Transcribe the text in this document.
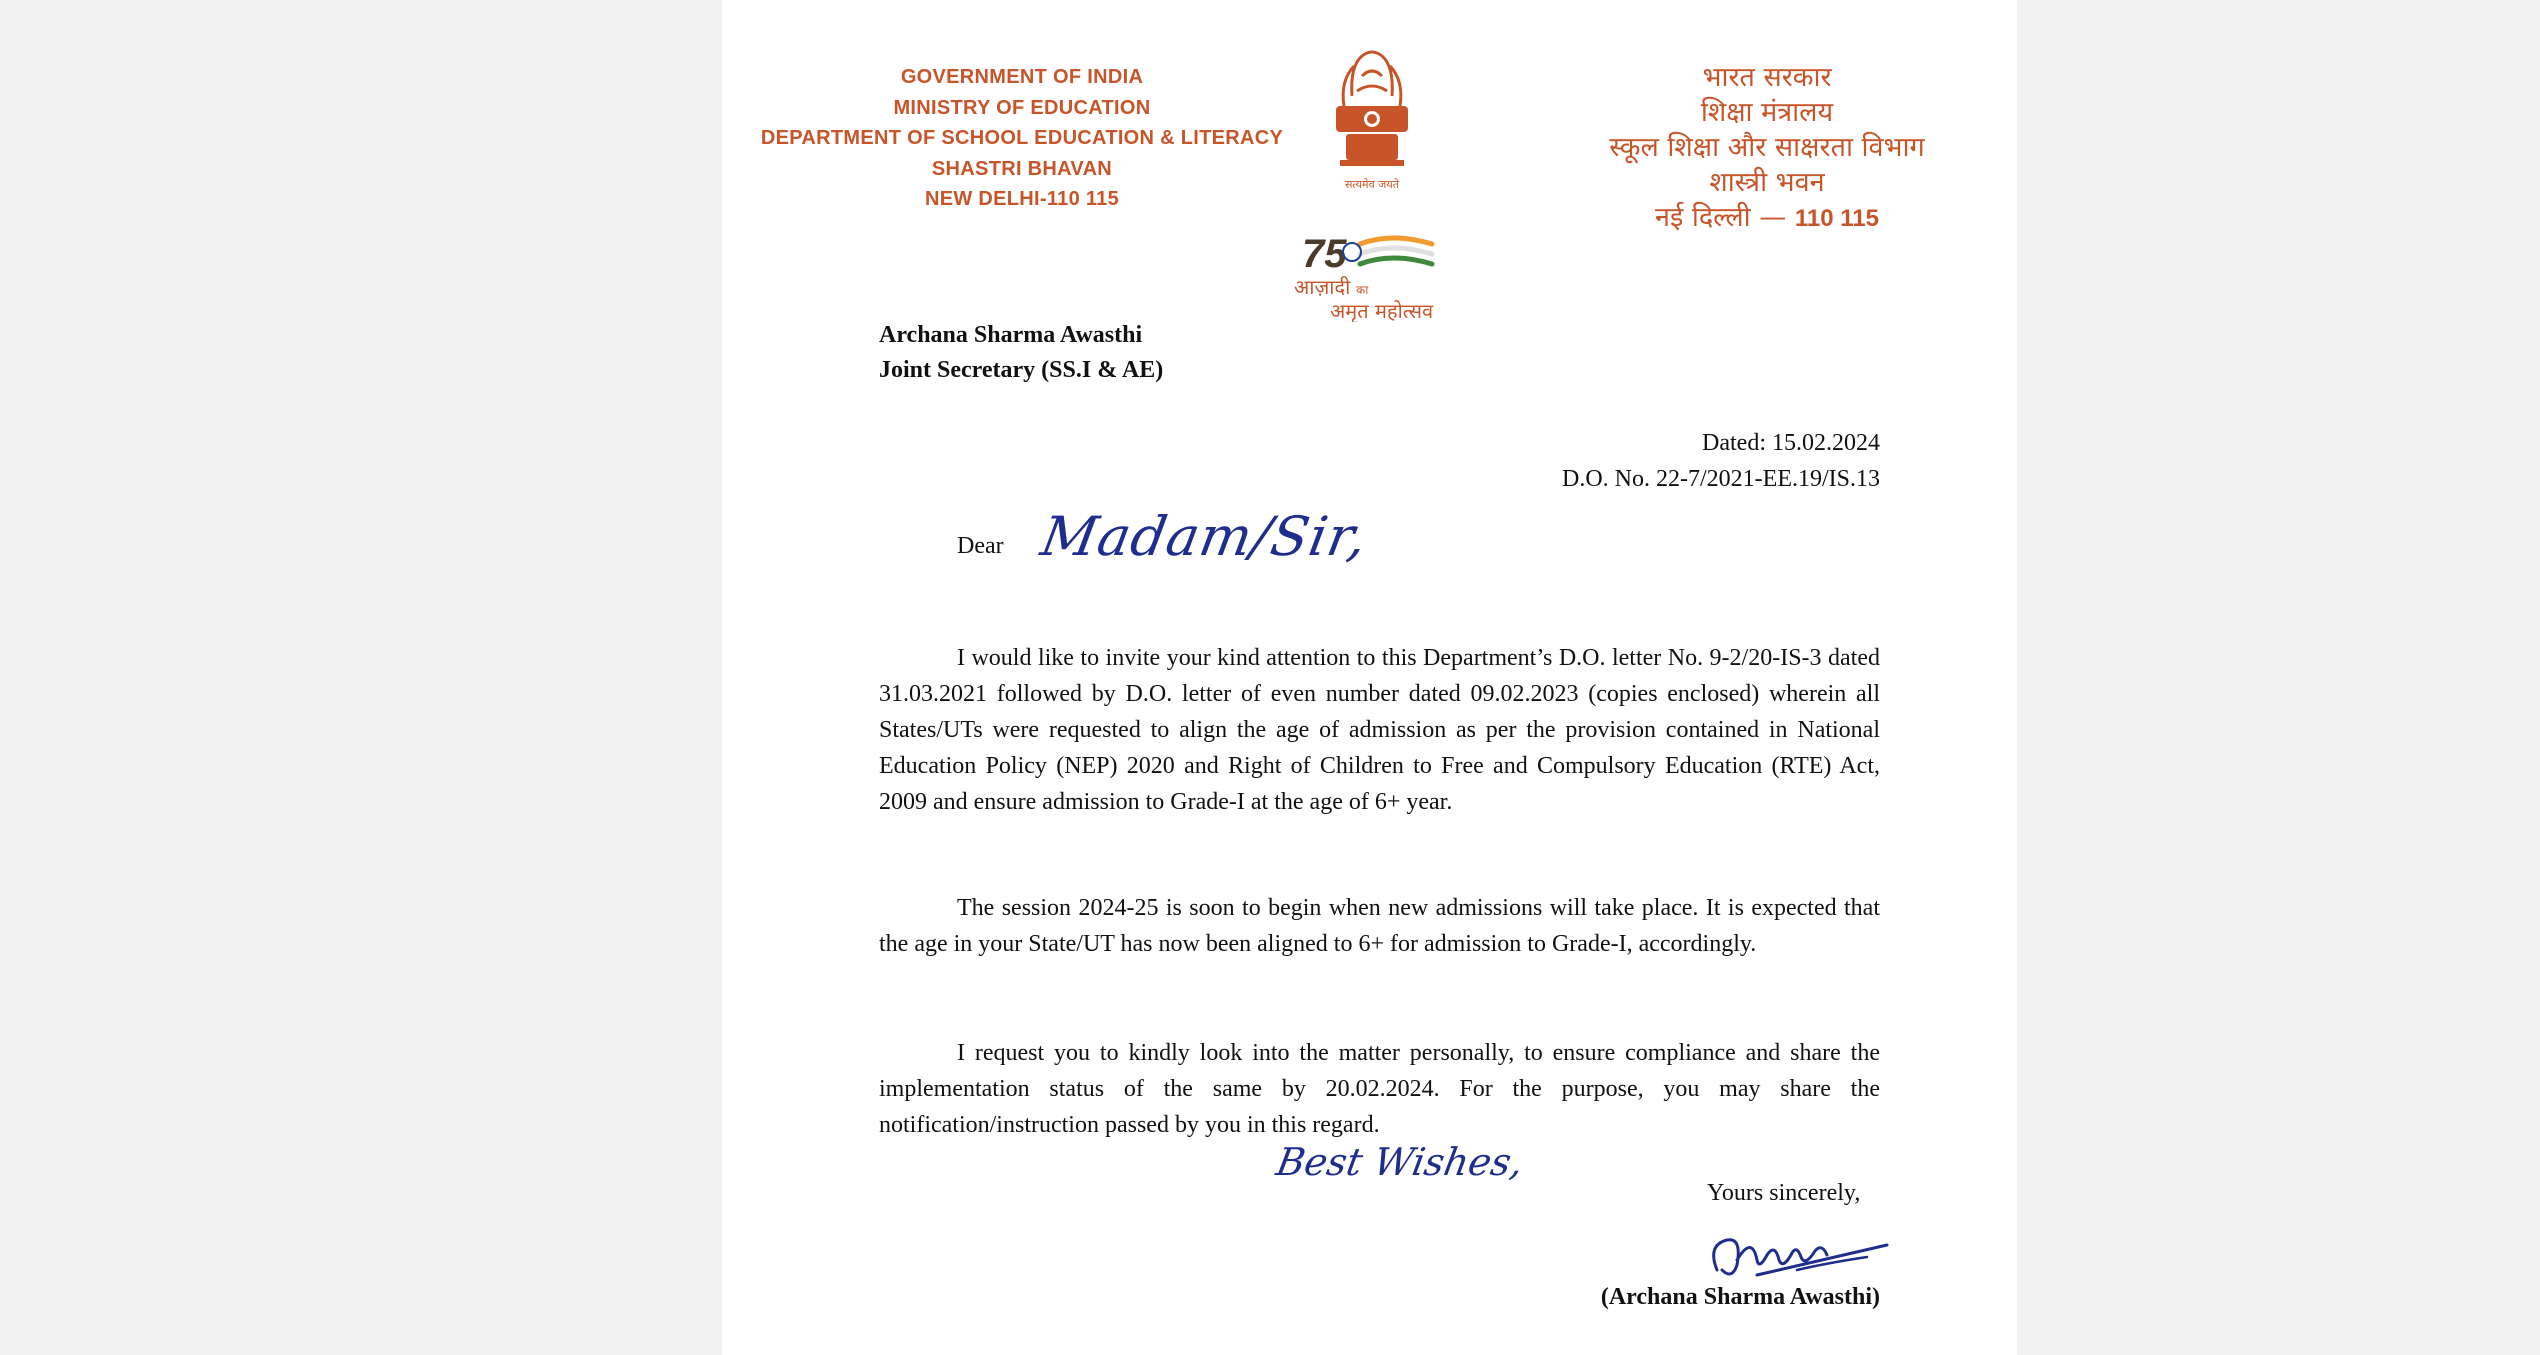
GOVERNMENT OF INDIA
MINISTRY OF EDUCATION
DEPARTMENT OF SCHOOL EDUCATION & LITERACY
SHASTRI BHAVAN
NEW DELHI-110 115
सत्यमेव जयते
75
आज़ादी का
अमृत महोत्सव
भारत सरकार
शिक्षा मंत्रालय
स्कूल शिक्षा और साक्षरता विभाग
शास्त्री भवन
नई दिल्ली — 110 115
Archana Sharma Awasthi
Joint Secretary (SS.I & AE)
Dated: 15.02.2024
D.O. No. 22-7/2021-EE.19/IS.13
Dear Madam/Sir,

I would like to invite your kind attention to this Department’s D.O. letter No. 9-2/20-IS-3 dated 31.03.2021 followed by D.O. letter of even number dated 09.02.2023 (copies enclosed) wherein all States/UTs were requested to align the age of admission as per the provision contained in National Education Policy (NEP) 2020 and Right of Children to Free and Compulsory Education (RTE) Act, 2009 and ensure admission to Grade-I at the age of 6+ year.

The session 2024-25 is soon to begin when new admissions will take place. It is expected that the age in your State/UT has now been aligned to 6+ for admission to Grade-I, accordingly.

I request you to kindly look into the matter personally, to ensure compliance and share the implementation status of the same by 20.02.2024. For the purpose, you may share the notification/instruction passed by you in this regard.

Best Wishes,
Yours sincerely,
(Archana Sharma Awasthi)
